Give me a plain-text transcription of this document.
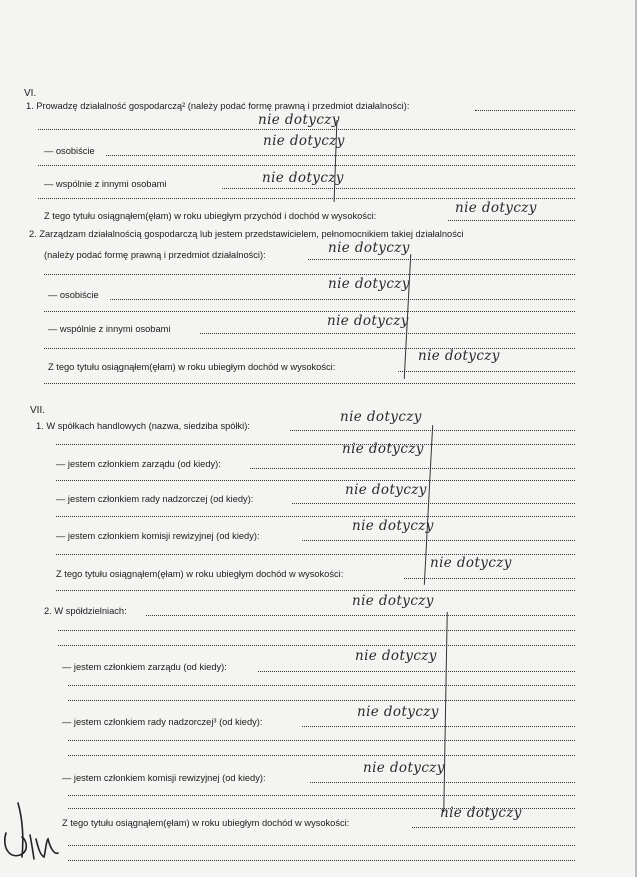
VI.
1. Prowadzę działalność gospodarczą² (należy podać formę prawną i przedmiot działalności):
nie dotyczy
— osobiście
nie dotyczy
— wspólnie z innymi osobami	nie dotyczy
Z tego tytułu osiągnąłem(ęłam) w roku ubiegłym przychód i dochód w wysokości:	nie dotyczy
2. Zarządzam działalnością gospodarczą lub jestem przedstawicielem, pełnomocnikiem takiej działalności
(należy podać formę prawną i przedmiot działalności):	nie dotyczy
— osobiście
nie dotyczy
— wspólnie z innymi osobami	nie dotyczy
Z tego tytułu osiągnąłem(ęłam) w roku ubiegłym dochód w wysokości:
nie dotyczy
VII.
1. W spółkach handlowych (nazwa, siedziba spółki):
nie dotyczy
— jestem członkiem zarządu (od kiedy):
nie dotyczy
— jestem członkiem rady nadzorczej (od kiedy):
nie dotyczy
— jestem członkiem komisji rewizyjnej (od kiedy):
nie dotyczy
Z tego tytułu osiągnąłem(ęłam) w roku ubiegłym dochód w wysokości:
nie dotyczy
2. W spółdzielniach:
nie dotyczy
— jestem członkiem zarządu (od kiedy):
nie dotyczy
— jestem członkiem rady nadzorczej³ (od kiedy):
nie dotyczy
— jestem członkiem komisji rewizyjnej (od kiedy):
nie dotyczy
Z tego tytułu osiągnąłem(ęłam) w roku ubiegłym dochód w wysokości:
nie dotyczy
